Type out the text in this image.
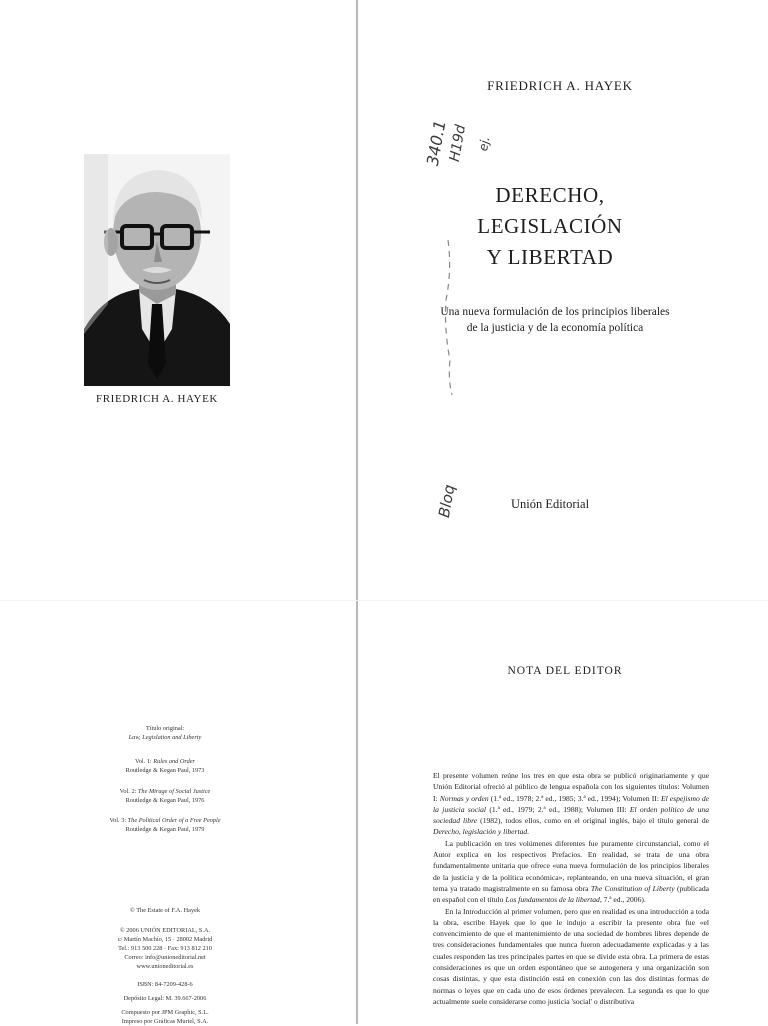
FRIEDRICH A. HAYEK
FRIEDRICH A. HAYEK
DERECHO,
LEGISLACIÓN
Y LIBERTAD
Una nueva formulación de los principios liberales
de la justicia y de la economía política
Unión Editorial
340.1
H19d ej.
Bloq
Título original:
Law, Legislation and Liberty
Vol. 1: Rules and Order
Routledge & Kegan Paul, 1973
Vol. 2: The Mirage of Social Justice
Routledge & Kegan Paul, 1976
Vol. 3: The Political Order of a Free People
Routledge & Kegan Paul, 1979
© The Estate of F.A. Hayek
© 2006 UNIÓN EDITORIAL, S.A.
c/ Martín Machío, 15 · 28002 Madrid
Tel.: 913 500 228 · Fax: 913 812 210
Correo: info@unioneditorial.net
www.unioneditorial.es
ISBN: 84-7209-428-6
Depósito Legal: M. 39.667-2006
Compuesto por JPM Graphic, S.L.
Impreso por Gráficas Muriel, S.A.
NOTA DEL EDITOR

El presente volumen reúne los tres en que esta obra se publicó originariamente y que Unión Editorial ofreció al público de lengua española con los siguientes títulos: Volumen I: Normas y orden (1.ª ed., 1978; 2.ª ed., 1985; 3.ª ed., 1994); Volumen II: El espejismo de la justicia social (1.ª ed., 1979; 2.ª ed., 1988); Volumen III: El orden político de una sociedad libre (1982), todos ellos, como en el original inglés, bajo el título general de Derecho, legislación y libertad.

La publicación en tres volúmenes diferentes fue puramente circunstancial, como el Autor explica en los respectivos Prefacios. En realidad, se trata de una obra fundamentalmente unitaria que ofrece «una nueva formulación de los principios liberales de la justicia y de la política económica», replanteando, en una nueva situación, el gran tema ya tratado magistralmente en su famosa obra The Constitution of Liberty (publicada en español con el título Los fundamentos de la libertad, 7.ª ed., 2006).

En la Introducción al primer volumen, pero que en realidad es una introducción a toda la obra, escribe Hayek que lo que le indujo a escribir la presente obra fue «el convencimiento de que el mantenimiento de una sociedad de hombres libres depende de tres consideraciones fundamentales que nunca fueron adecuadamente explicadas y a las cuales responden las tres principales partes en que se divide esta obra. La primera de estas consideraciones es que un orden espontáneo que se autogenera y una organización son cosas distintas, y que esta distinción está en conexión con las dos distintas formas de normas o leyes que en cada uno de esos órdenes prevalecen. La segunda es que lo que actualmente suele considerarse como justicia 'social' o distributiva
